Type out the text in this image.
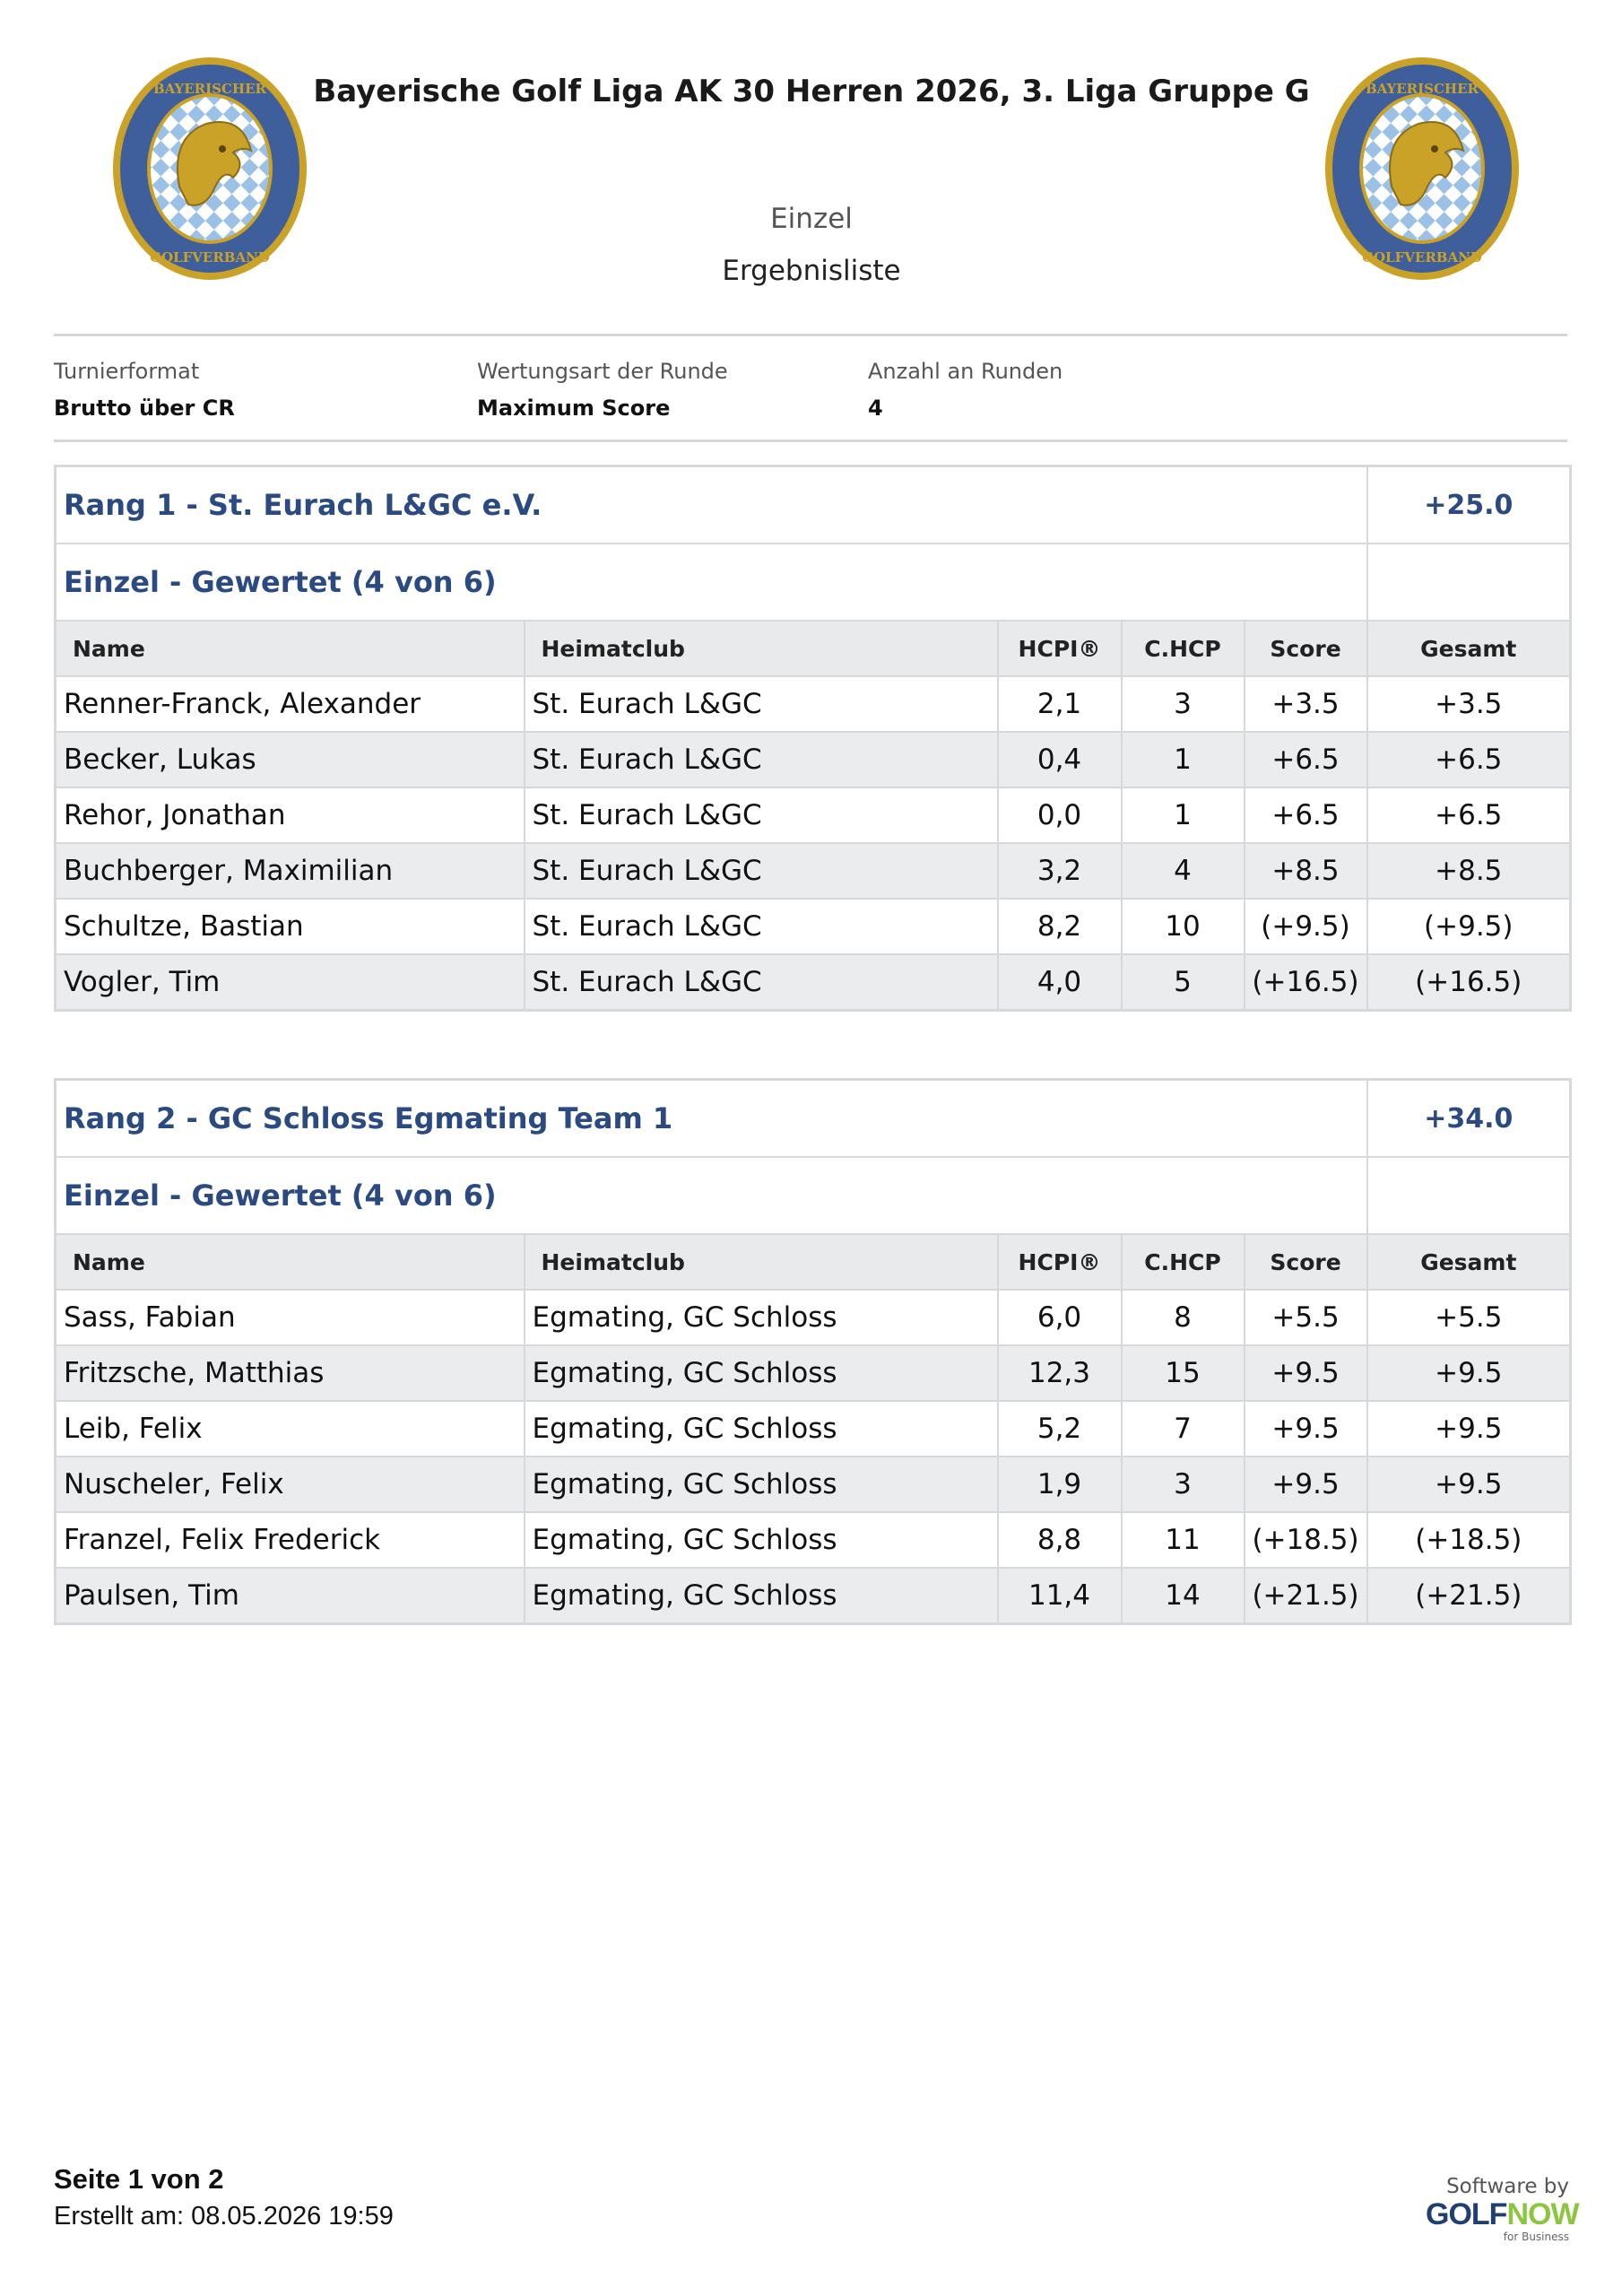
BAYERISCHER
GOLFVERBAND
BAYERISCHER
GOLFVERBAND
Bayerische Golf Liga AK 30 Herren 2026, 3. Liga Gruppe G
Einzel
Ergebnisliste
Turnierformat
Brutto über CR
Wertungsart der Runde
Maximum Score
Anzahl an Runden
4
Rang 1 - St. Eurach L&GC e.V.					+25.0
Einzel - Gewertet (4 von 6)					
Name	Heimatclub	HCPI®	C.HCP	Score	Gesamt
Renner-Franck, Alexander	St. Eurach L&GC	2,1	3	+3.5	+3.5
Becker, Lukas	St. Eurach L&GC	0,4	1	+6.5	+6.5
Rehor, Jonathan	St. Eurach L&GC	0,0	1	+6.5	+6.5
Buchberger, Maximilian	St. Eurach L&GC	3,2	4	+8.5	+8.5
Schultze, Bastian	St. Eurach L&GC	8,2	10	(+9.5)	(+9.5)
Vogler, Tim	St. Eurach L&GC	4,0	5	(+16.5)	(+16.5)
Rang 2 - GC Schloss Egmating Team 1					+34.0
Einzel - Gewertet (4 von 6)					
Name	Heimatclub	HCPI®	C.HCP	Score	Gesamt
Sass, Fabian	Egmating, GC Schloss	6,0	8	+5.5	+5.5
Fritzsche, Matthias	Egmating, GC Schloss	12,3	15	+9.5	+9.5
Leib, Felix	Egmating, GC Schloss	5,2	7	+9.5	+9.5
Nuscheler, Felix	Egmating, GC Schloss	1,9	3	+9.5	+9.5
Franzel, Felix Frederick	Egmating, GC Schloss	8,8	11	(+18.5)	(+18.5)
Paulsen, Tim	Egmating, GC Schloss	11,4	14	(+21.5)	(+21.5)
Seite 1 von 2
Erstellt am: 08.05.2026 19:59
Software by
GOLFNOW
for Business
